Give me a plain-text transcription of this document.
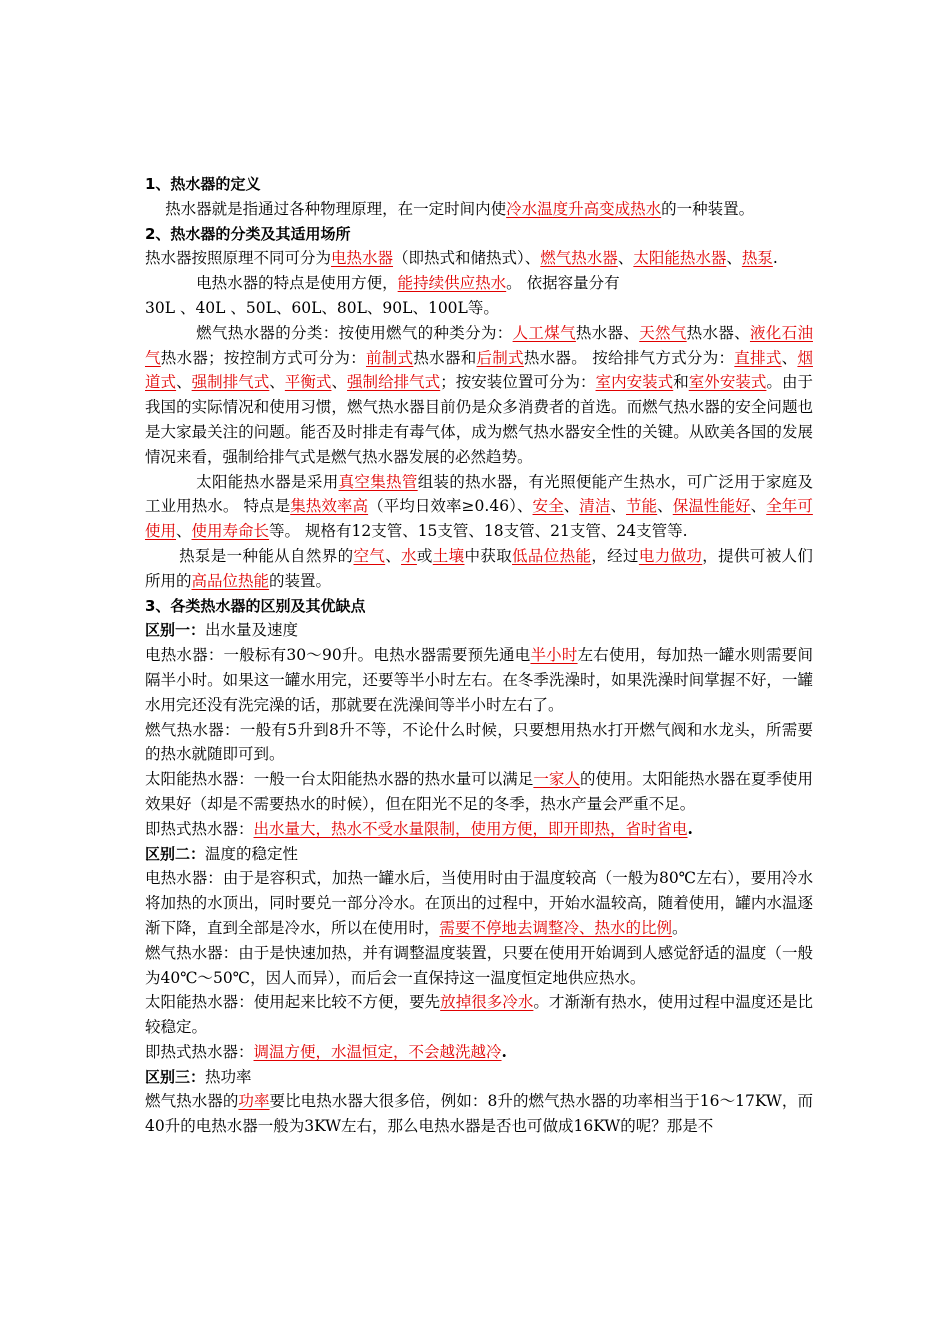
1、热水器的定义

热水器就是指通过各种物理原理，在一定时间内使冷水温度升高变成热水的一种装置。

2、热水器的分类及其适用场所

热水器按照原理不同可分为电热水器（即热式和储热式）、燃气热水器、太阳能热水器、热泵.

电热水器的特点是使用方便，能持续供应热水。 依据容量分有

30L 、40L 、50L、60L、80L、90L、100L等。

燃气热水器的分类：按使用燃气的种类分为：人工煤气热水器、天然气热水器、液化石油气热水器；按控制方式可分为：前制式热水器和后制式热水器。 按给排气方式分为：直排式、烟道式、强制排气式、平衡式、强制给排气式；按安装位置可分为：室内安装式和室外安装式。由于我国的实际情况和使用习惯，燃气热水器目前仍是众多消费者的首选。而燃气热水器的安全问题也是大家最关注的问题。能否及时排走有毒气体，成为燃气热水器安全性的关键。从欧美各国的发展情况来看，强制给排气式是燃气热水器发展的必然趋势。

太阳能热水器是采用真空集热管组装的热水器，有光照便能产生热水，可广泛用于家庭及工业用热水。 特点是集热效率高（平均日效率≥0.46）、安全、清洁、节能、保温性能好、全年可使用、使用寿命长等。 规格有12支管、15支管、18支管、21支管、24支管等.

热泵是一种能从自然界的空气、水或土壤中获取低品位热能，经过电力做功，提供可被人们所用的高品位热能的装置。

3、各类热水器的区别及其优缺点

区别一：出水量及速度

电热水器：一般标有30～90升。电热水器需要预先通电半小时左右使用，每加热一罐水则需要间隔半小时。如果这一罐水用完，还要等半小时左右。在冬季洗澡时，如果洗澡时间掌握不好，一罐水用完还没有洗完澡的话，那就要在洗澡间等半小时左右了。

燃气热水器：一般有5升到8升不等，不论什么时候，只要想用热水打开燃气阀和水龙头，所需要的热水就随即可到。

太阳能热水器：一般一台太阳能热水器的热水量可以满足一家人的使用。太阳能热水器在夏季使用效果好（却是不需要热水的时候），但在阳光不足的冬季，热水产量会严重不足。

即热式热水器：出水量大，热水不受水量限制，使用方便，即开即热，省时省电.

区别二：温度的稳定性

电热水器：由于是容积式，加热一罐水后，当使用时由于温度较高（一般为80℃左右），要用冷水将加热的水顶出，同时要兑一部分冷水。在顶出的过程中，开始水温较高，随着使用，罐内水温逐渐下降，直到全部是冷水，所以在使用时，需要不停地去调整冷、热水的比例。

燃气热水器：由于是快速加热，并有调整温度装置，只要在使用开始调到人感觉舒适的温度（一般为40℃～50℃，因人而异），而后会一直保持这一温度恒定地供应热水。

太阳能热水器：使用起来比较不方便，要先放掉很多冷水。才渐渐有热水，使用过程中温度还是比较稳定。

即热式热水器：调温方便，水温恒定，不会越洗越冷.

区别三：热功率

燃气热水器的功率要比电热水器大很多倍，例如：8升的燃气热水器的功率相当于16～17KW，而40升的电热水器一般为3KW左右，那么电热水器是否也可做成16KW的呢？那是不
